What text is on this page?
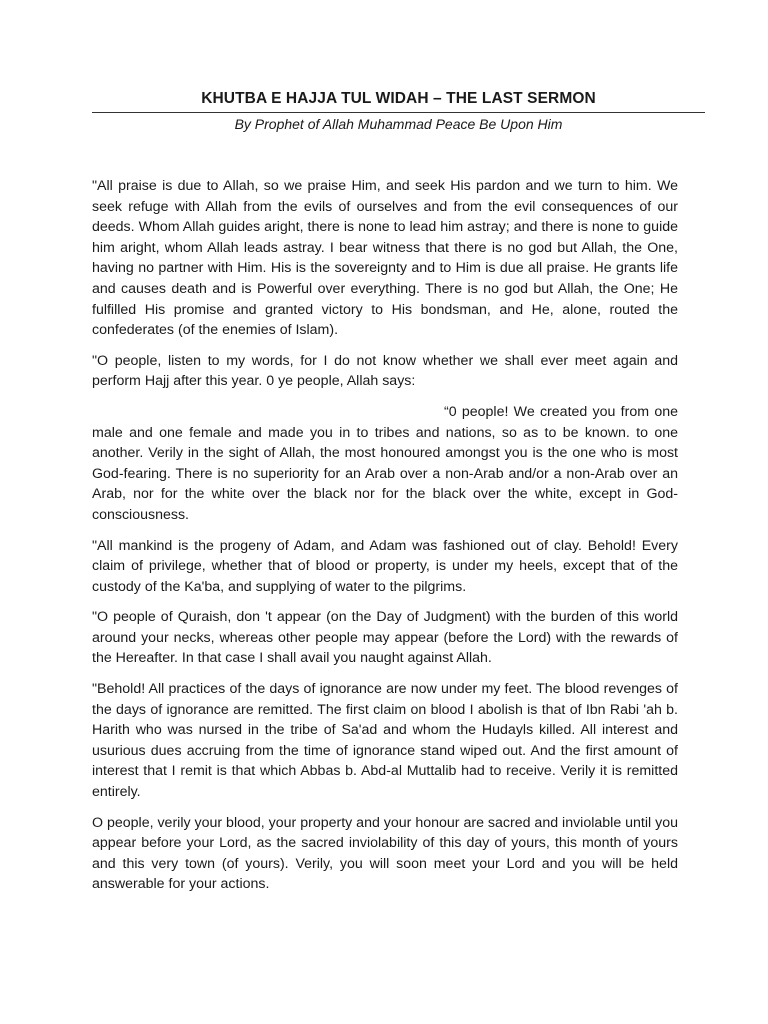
KHUTBA E HAJJA TUL WIDAH – THE LAST SERMON
By Prophet of Allah Muhammad Peace Be Upon Him

"All praise is due to Allah, so we praise Him, and seek His pardon and we turn to him. We seek refuge with Allah from the evils of ourselves and from the evil consequences of our deeds. Whom Allah guides aright, there is none to lead him astray; and there is none to guide him aright, whom Allah leads astray. I bear witness that there is no god but Allah, the One, having no partner with Him. His is the sovereignty and to Him is due all praise. He grants life and causes death and is Powerful over everything. There is no god but Allah, the One; He fulfilled His promise and granted victory to His bondsman, and He, alone, routed the confederates (of the enemies of Islam).

"O people, listen to my words, for I do not know whether we shall ever meet again and perform Hajj after this year. 0 ye people, Allah says:

“0 people! We created you from one male and one female and made you in to tribes and nations, so as to be known. to one another. Verily in the sight of Allah, the most honoured amongst you is the one who is most God-fearing. There is no superiority for an Arab over a non-Arab and/or a non-Arab over an Arab, nor for the white over the black nor for the black over the white, except in God-consciousness.

"All mankind is the progeny of Adam, and Adam was fashioned out of clay. Behold! Every claim of privilege, whether that of blood or property, is under my heels, except that of the custody of the Ka'ba, and supplying of water to the pilgrims.

"O people of Quraish, don 't appear (on the Day of Judgment) with the burden of this world around your necks, whereas other people may appear (before the Lord) with the rewards of the Hereafter. In that case I shall avail you naught against Allah.

"Behold! All practices of the days of ignorance are now under my feet. The blood revenges of the days of ignorance are remitted. The first claim on blood I abolish is that of Ibn Rabi 'ah b. Harith who was nursed in the tribe of Sa'ad and whom the Hudayls killed. All interest and usurious dues accruing from the time of ignorance stand wiped out. And the first amount of interest that I remit is that which Abbas b. Abd-al Muttalib had to receive. Verily it is remitted entirely.

O people, verily your blood, your property and your honour are sacred and inviolable until you appear before your Lord, as the sacred inviolability of this day of yours, this month of yours and this very town (of yours). Verily, you will soon meet your Lord and you will be held answerable for your actions.
